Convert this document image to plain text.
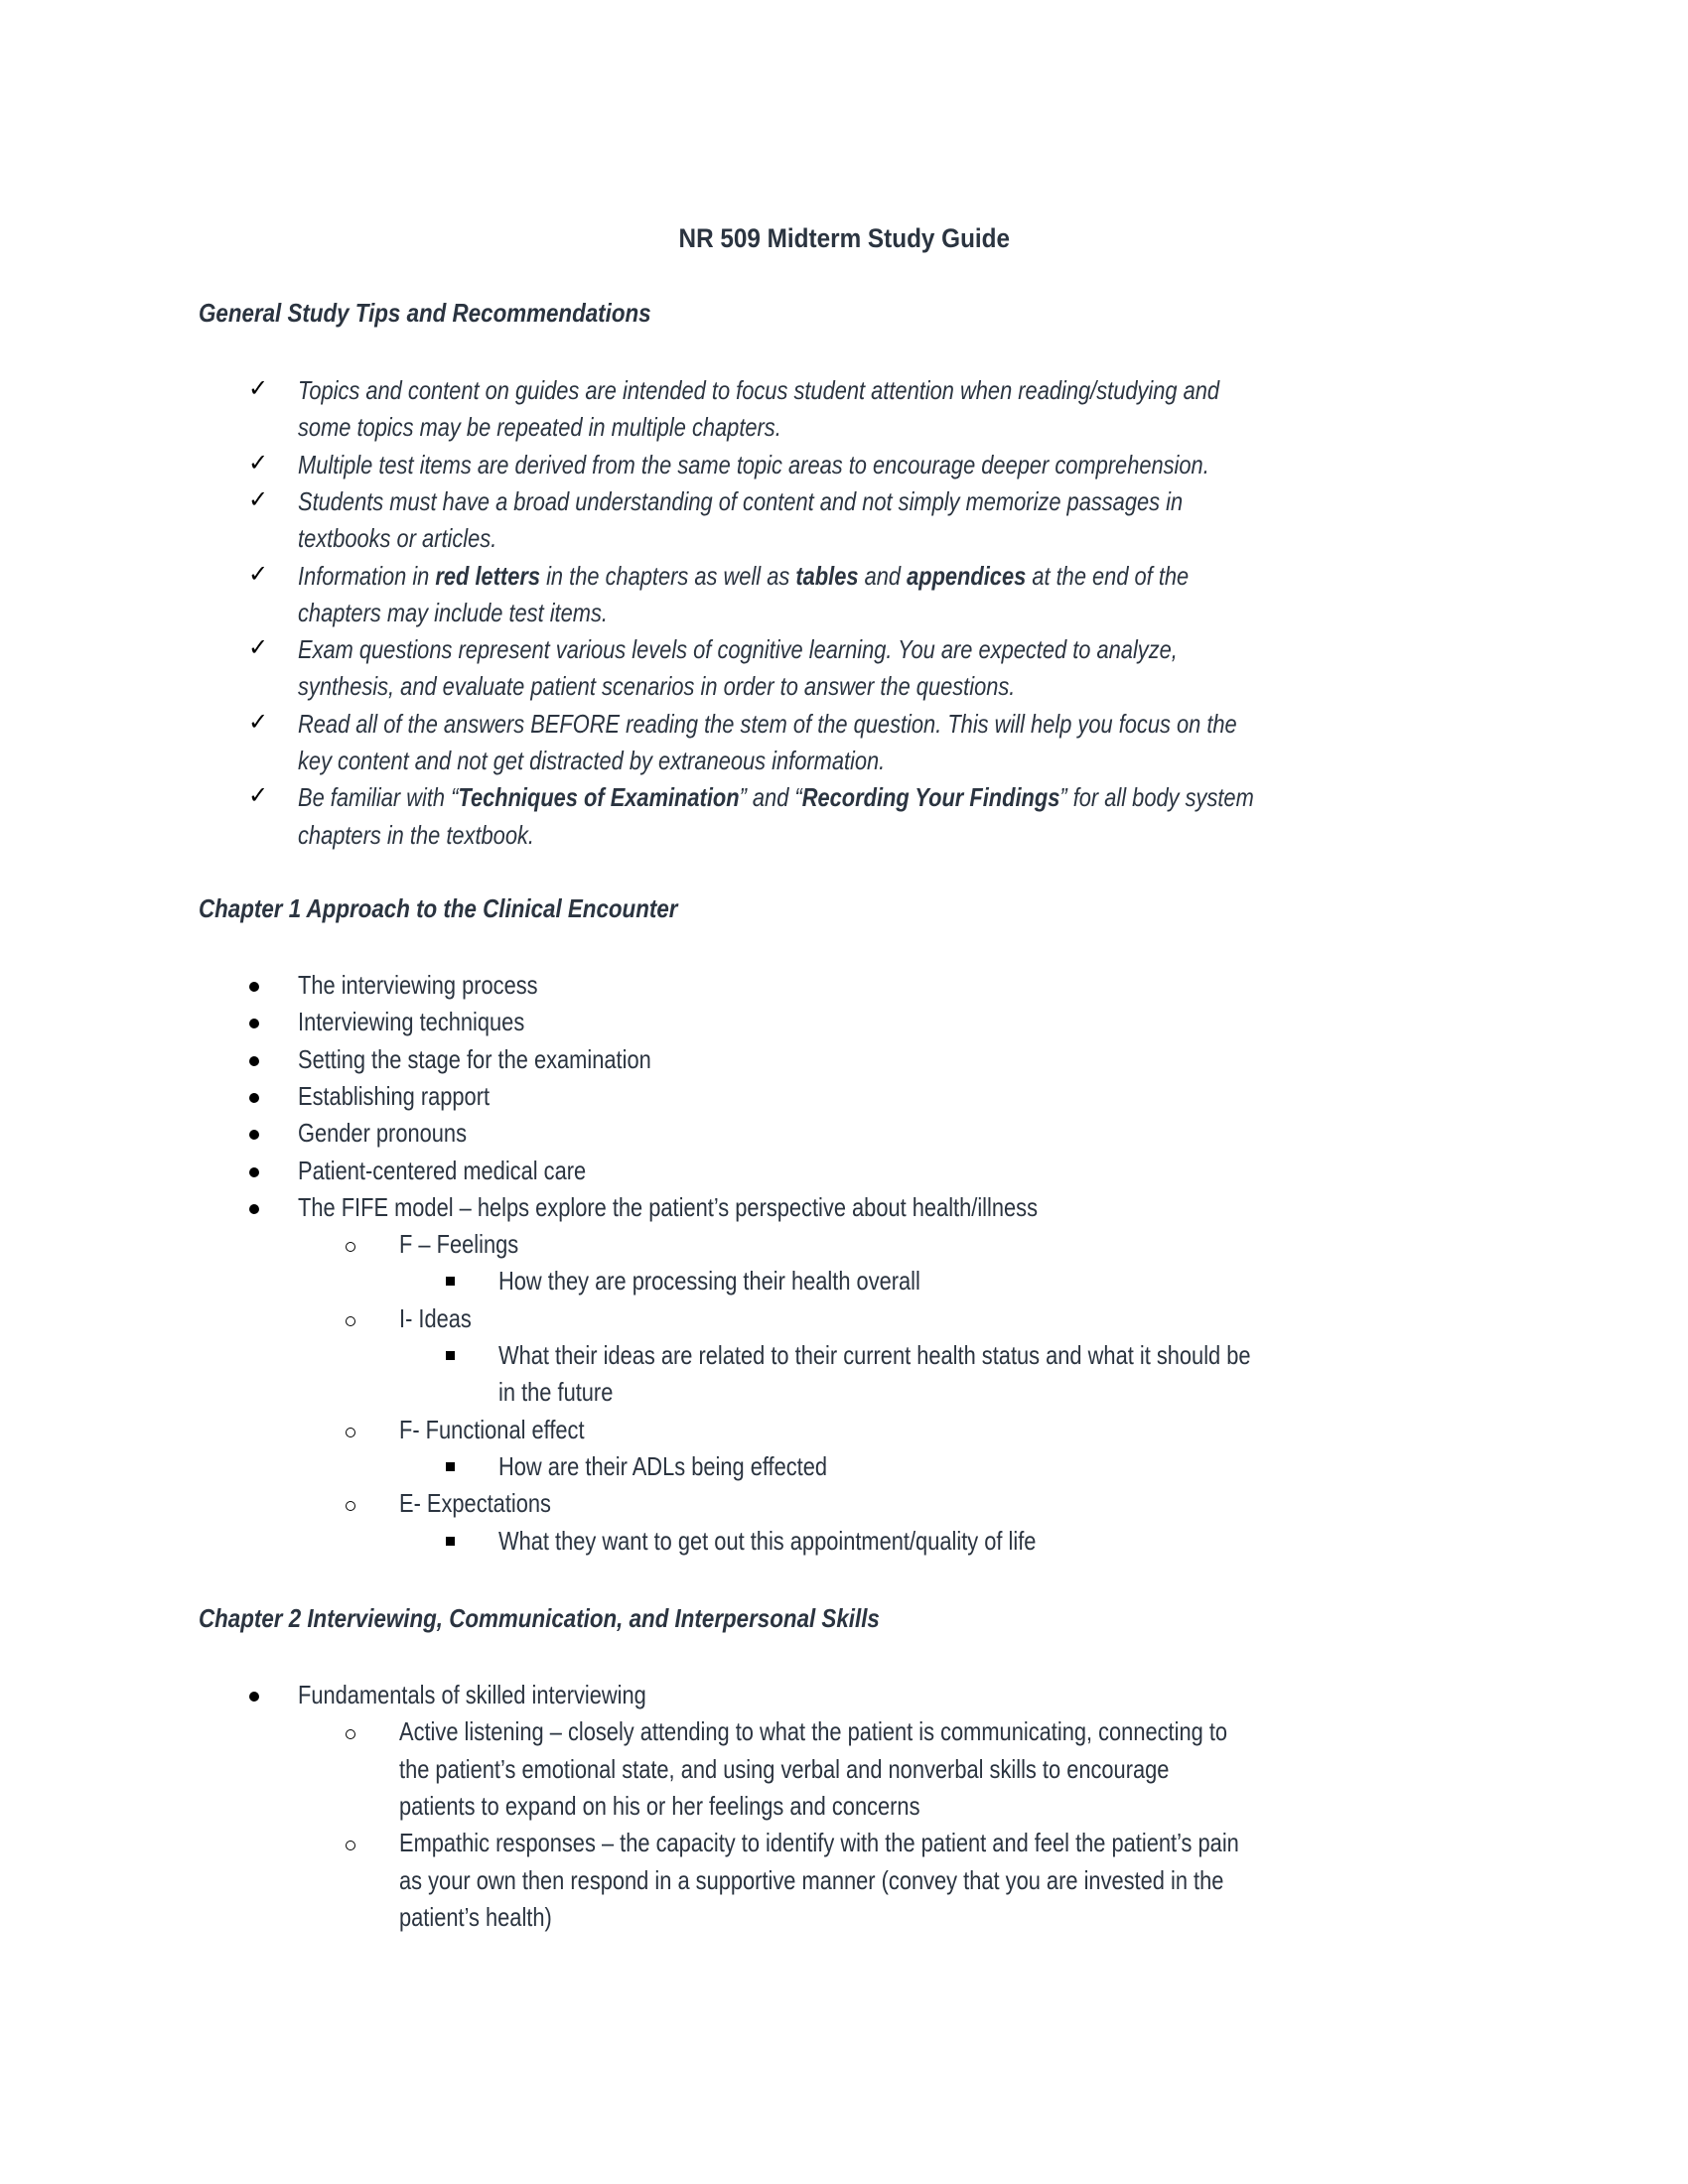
NR 509 Midterm Study Guide
General Study Tips and Recommendations
✓ Topics and content on guides are intended to focus student attention when reading/studying and
some topics may be repeated in multiple chapters.
✓ Multiple test items are derived from the same topic areas to encourage deeper comprehension.
✓ Students must have a broad understanding of content and not simply memorize passages in
textbooks or articles.
✓ Information in red letters in the chapters as well as tables and appendices at the end of the
chapters may include test items.
✓ Exam questions represent various levels of cognitive learning. You are expected to analyze,
synthesis, and evaluate patient scenarios in order to answer the questions.
✓ Read all of the answers BEFORE reading the stem of the question. This will help you focus on the
key content and not get distracted by extraneous information.
✓ Be familiar with “Techniques of Examination” and “Recording Your Findings” for all body system
chapters in the textbook.
Chapter 1 Approach to the Clinical Encounter
The interviewing process
Interviewing techniques
Setting the stage for the examination
Establishing rapport
Gender pronouns
Patient-centered medical care
The FIFE model – helps explore the patient’s perspective about health/illness
F – Feelings
How they are processing their health overall
I- Ideas
What their ideas are related to their current health status and what it should be
in the future
F- Functional effect
How are their ADLs being effected
E- Expectations
What they want to get out this appointment/quality of life
Chapter 2 Interviewing, Communication, and Interpersonal Skills
Fundamentals of skilled interviewing
Active listening – closely attending to what the patient is communicating, connecting to
the patient’s emotional state, and using verbal and nonverbal skills to encourage
patients to expand on his or her feelings and concerns
Empathic responses – the capacity to identify with the patient and feel the patient’s pain
as your own then respond in a supportive manner (convey that you are invested in the
patient’s health)
